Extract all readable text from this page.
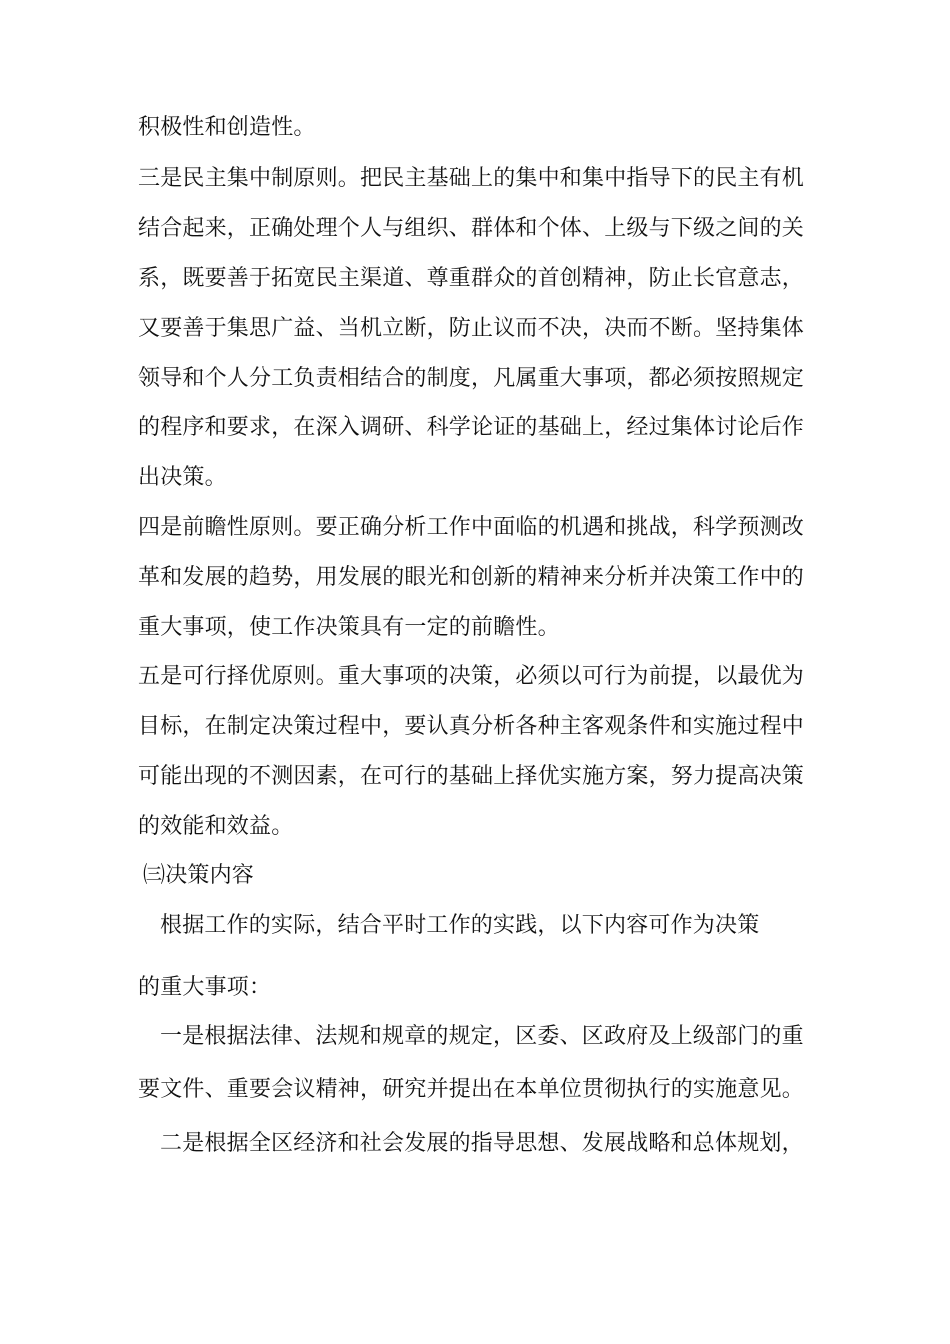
积极性和创造性。
三是民主集中制原则。把民主基础上的集中和集中指导下的民主有机
结合起来，正确处理个人与组织、群体和个体、上级与下级之间的关
系，既要善于拓宽民主渠道、尊重群众的首创精神，防止长官意志，
又要善于集思广益、当机立断，防止议而不决，决而不断。坚持集体
领导和个人分工负责相结合的制度，凡属重大事项，都必须按照规定
的程序和要求，在深入调研、科学论证的基础上，经过集体讨论后作
出决策。
四是前瞻性原则。要正确分析工作中面临的机遇和挑战，科学预测改
革和发展的趋势，用发展的眼光和创新的精神来分析并决策工作中的
重大事项，使工作决策具有一定的前瞻性。
五是可行择优原则。重大事项的决策，必须以可行为前提，以最优为
目标，在制定决策过程中，要认真分析各种主客观条件和实施过程中
可能出现的不测因素，在可行的基础上择优实施方案，努力提高决策
的效能和效益。
㈢决策内容
根据工作的实际，结合平时工作的实践，以下内容可作为决策
的重大事项：
一是根据法律、法规和规章的规定，区委、区政府及上级部门的重
要文件、重要会议精神，研究并提出在本单位贯彻执行的实施意见。
二是根据全区经济和社会发展的指导思想、发展战略和总体规划，
